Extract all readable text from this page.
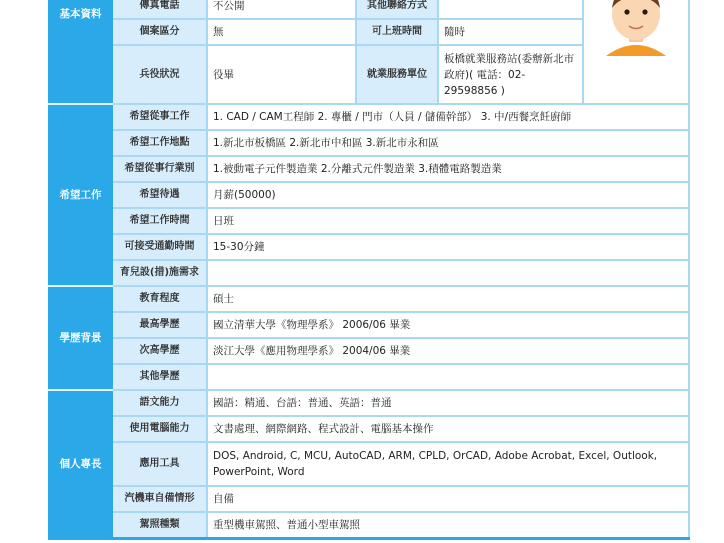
基本資料	傳真電話	不公開	其他聯絡方式		
	個案區分	無	可上班時間	隨時	
	兵役狀況	役畢	就業服務單位	板橋就業服務站(委辦新北市政府)( 電話：02-29598856 )	
希望工作	希望從事工作	1. CAD / CAM工程師 2. 專櫃 / 門市（人員 / 儲備幹部） 3. 中/西餐烹飪廚師			
	希望工作地點	1.新北市板橋區 2.新北市中和區 3.新北市永和區			
	希望從事行業別	1.被動電子元件製造業 2.分離式元件製造業 3.積體電路製造業			
	希望待遇	月薪(50000)			
	希望工作時間	日班			
	可接受通勤時間	15-30分鐘			
	育兒設(措)施需求				
學歷背景	教育程度	碩士			
	最高學歷	國立清華大學《物理學系》 2006/06 畢業			
	次高學歷	淡江大學《應用物理學系》 2004/06 畢業			
	其他學歷				
個人專長	語文能力	國語：精通、台語：普通、英語：普通			
	使用電腦能力	文書處理、網際網路、程式設計、電腦基本操作			
	應用工具	DOS, Android, C, MCU, AutoCAD, ARM, CPLD, OrCAD, Adobe Acrobat, Excel, Outlook, PowerPoint, Word			
	汽機車自備情形	自備			
	駕照種類	重型機車駕照、普通小型車駕照			
